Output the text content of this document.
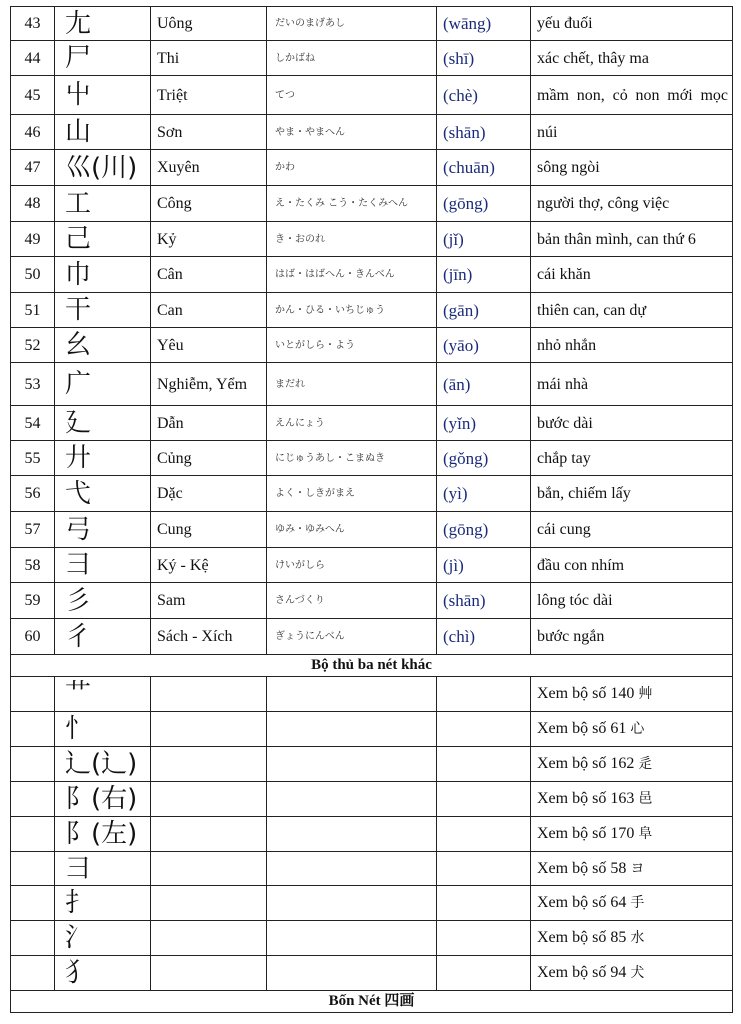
43	尢	Uông	だいのまげあし	(wāng)	yếu đuối
44	尸	Thi	しかばね	(shī)	xác chết, thây ma
45	屮	Triệt	てつ	(chè)	mầm non, cỏ non mới mọc
46	山	Sơn	やま・やまへん	(shān)	núi
47	巛(川)	Xuyên	かわ	(chuān)	sông ngòi
48	工	Công	え・たくみ こう・たくみへん	(gōng)	người thợ, công việc
49	己	Kỷ	き・おのれ	(jǐ)	bản thân mình, can thứ 6
50	巾	Cân	はば・はばへん・きんべん	(jīn)	cái khăn
51	干	Can	かん・ひる・いちじゅう	(gān)	thiên can, can dự
52	幺	Yêu	いとがしら・よう	(yāo)	nhỏ nhắn
53	广	Nghiễm, Yểm	まだれ	(ān)	mái nhà
54	廴	Dẫn	えんにょう	(yǐn)	bước dài
55	廾	Củng	にじゅうあし・こまぬき	(gǒng)	chắp tay
56	弋	Dặc	よく・しきがまえ	(yì)	bắn, chiếm lấy
57	弓	Cung	ゆみ・ゆみへん	(gōng)	cái cung
58	彐	Ký - Kệ	けいがしら	(jì)	đầu con nhím
59	彡	Sam	さんづくり	(shān)	lông tóc dài
60	彳	Sách - Xích	ぎょうにんべん	(chì)	bước ngắn
Bộ thủ ba nét khác					
	艹				Xem bộ số 140 艸
	忄				Xem bộ số 61 心
	辶(辶)				Xem bộ số 162 辵
	阝(右)				Xem bộ số 163 邑
	阝(左)				Xem bộ số 170 阜
	⺕				Xem bộ số 58 ヨ
	扌				Xem bộ số 64 手
	氵				Xem bộ số 85 水
	犭				Xem bộ số 94 犬
Bốn Nét 四画					
